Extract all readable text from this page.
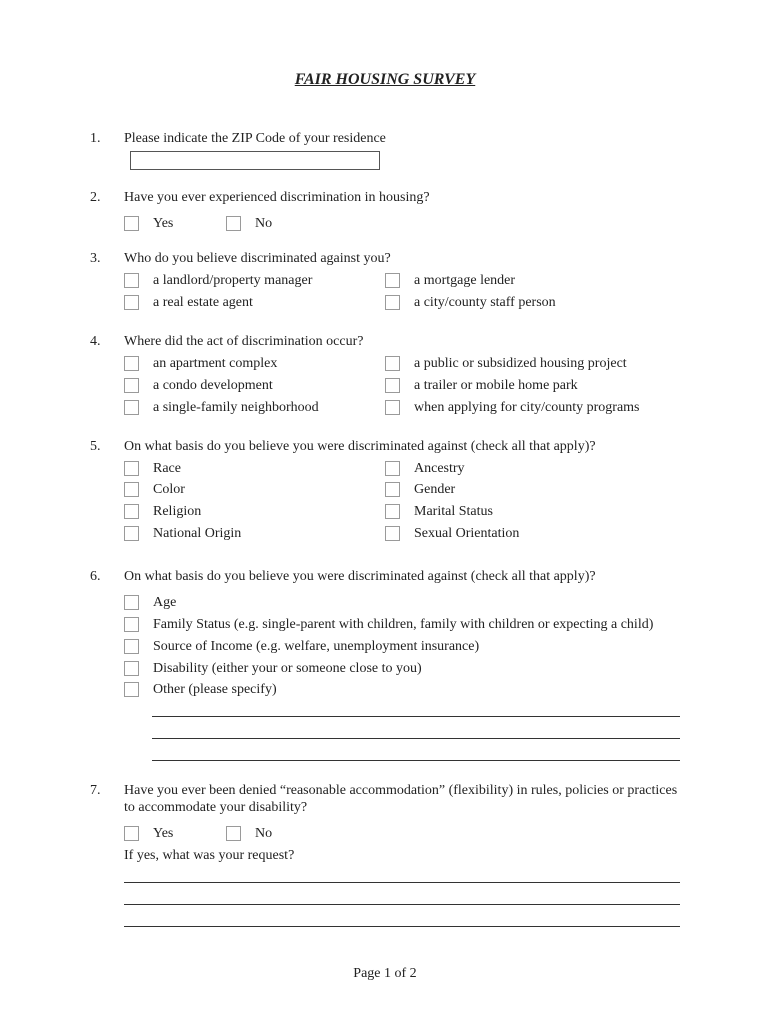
FAIR HOUSING SURVEY
1. Please indicate the ZIP Code of your residence
2. Have you ever experienced discrimination in housing?
Yes	No
3. Who do you believe discriminated against you?
a landlord/property manager
a real estate agent
a mortgage lender
a city/county staff person
4. Where did the act of discrimination occur?
an apartment complex
a condo development
a single-family neighborhood
a public or subsidized housing project
a trailer or mobile home park
when applying for city/county programs
5. On what basis do you believe you were discriminated against (check all that apply)?
Race
Color
Religion
National Origin
Ancestry
Gender
Marital Status
Sexual Orientation
6. On what basis do you believe you were discriminated against (check all that apply)?
Age
Family Status (e.g. single-parent with children, family with children or expecting a child)
Source of Income (e.g. welfare, unemployment insurance)
Disability (either your or someone close to you)
Other (please specify)
7. Have you ever been denied “reasonable accommodation” (flexibility) in rules, policies or practices to accommodate your disability?
Yes	No
If yes, what was your request?
Page 1 of 2
